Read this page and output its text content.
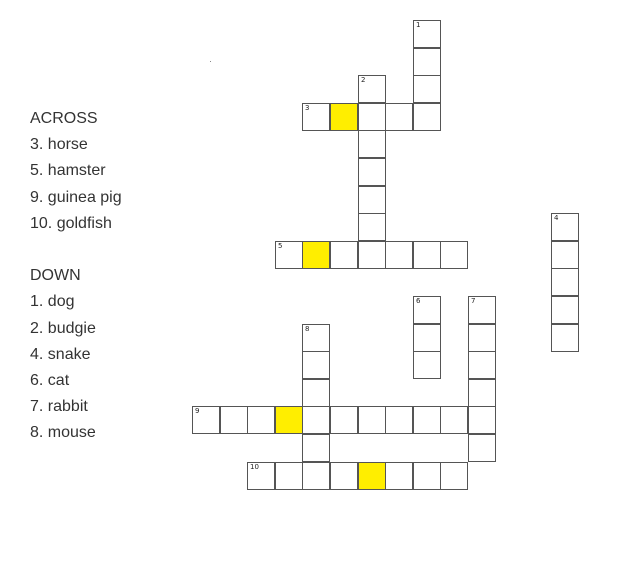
ACROSS
3. horse
5. hamster
9. guinea pig
10. goldfish
DOWN
1. dog
2. budgie
4. snake
6. cat
7. rabbit
8. mouse
1
2
3
4
5
6	7
8
9
10
